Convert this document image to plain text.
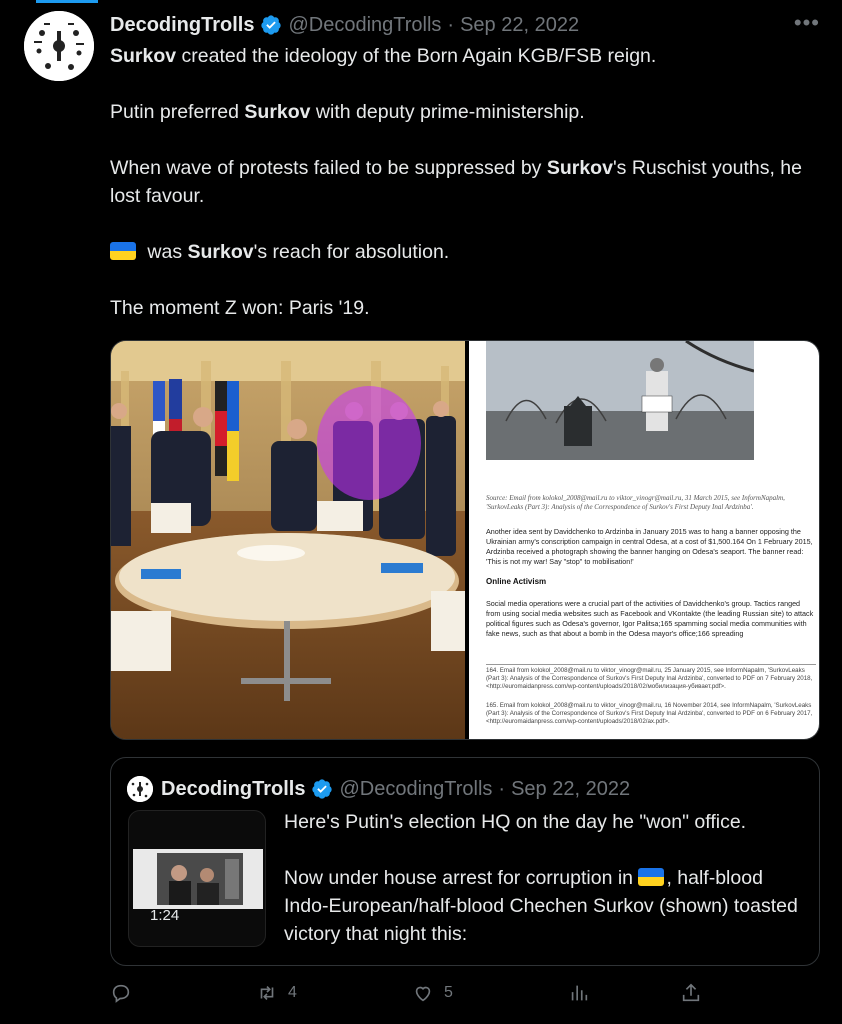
DecodingTrolls @DecodingTrolls · Sep 22, 2022	•••

Surkov created the ideology of the Born Again KGB/FSB reign.

Putin preferred Surkov with deputy prime-ministership.

When wave of protests failed to be suppressed by Surkov's Ruschist youths, he lost favour.

was Surkov's reach for absolution.

The moment Z won: Paris '19.

Source: Email from kolokol_2008@mail.ru to viktor_vinogr@mail.ru, 31 March 2015, see InformNapalm, 'SurkovLeaks (Part 3): Analysis of the Correspondence of Surkov's First Deputy Inal Ardzinba'.
Another idea sent by Davidchenko to Ardzinba in January 2015 was to hang a banner opposing the Ukrainian army's conscription campaign in central Odesa, at a cost of $1,500.164 On 1 February 2015, Ardzinba received a photograph showing the banner hanging on Odesa's seaport. The banner read: 'This is not my war! Say "stop" to mobilisation!'
Online Activism
Social media operations were a crucial part of the activities of Davidchenko's group. Tactics ranged from using social media websites such as Facebook and VKontakte (the leading Russian site) to attack political figures such as Odesa's governor, Igor Palitsa;165 spamming social media communities with fake news, such as that about a bomb in the Odesa mayor's office;166 spreading
164. Email from kolokol_2008@mail.ru to viktor_vinogr@mail.ru, 25 January 2015, see InformNapalm, 'SurkovLeaks (Part 3): Analysis of the Correspondence of Surkov's First Deputy Inal Ardzinba', converted to PDF on 7 February 2018, <http://euromaidanpress.com/wp-content/uploads/2018/02/мобилизация-убивает.pdf>.
165. Email from kolokol_2008@mail.ru to viktor_vinogr@mail.ru, 16 November 2014, see InformNapalm, 'SurkovLeaks (Part 3): Analysis of the Correspondence of Surkov's First Deputy Inal Ardzinba', converted to PDF on 6 February 2017, <http://euromaidanpress.com/wp-content/uploads/2018/02/ax.pdf>.
DecodingTrolls @DecodingTrolls · Sep 22, 2022
1:24

Here's Putin's election HQ on the day he "won" office.

Now under house arrest for corruption in
, half-blood Indo-European/half-blood Chechen Surkov (shown) toasted victory that night this:

4	5
